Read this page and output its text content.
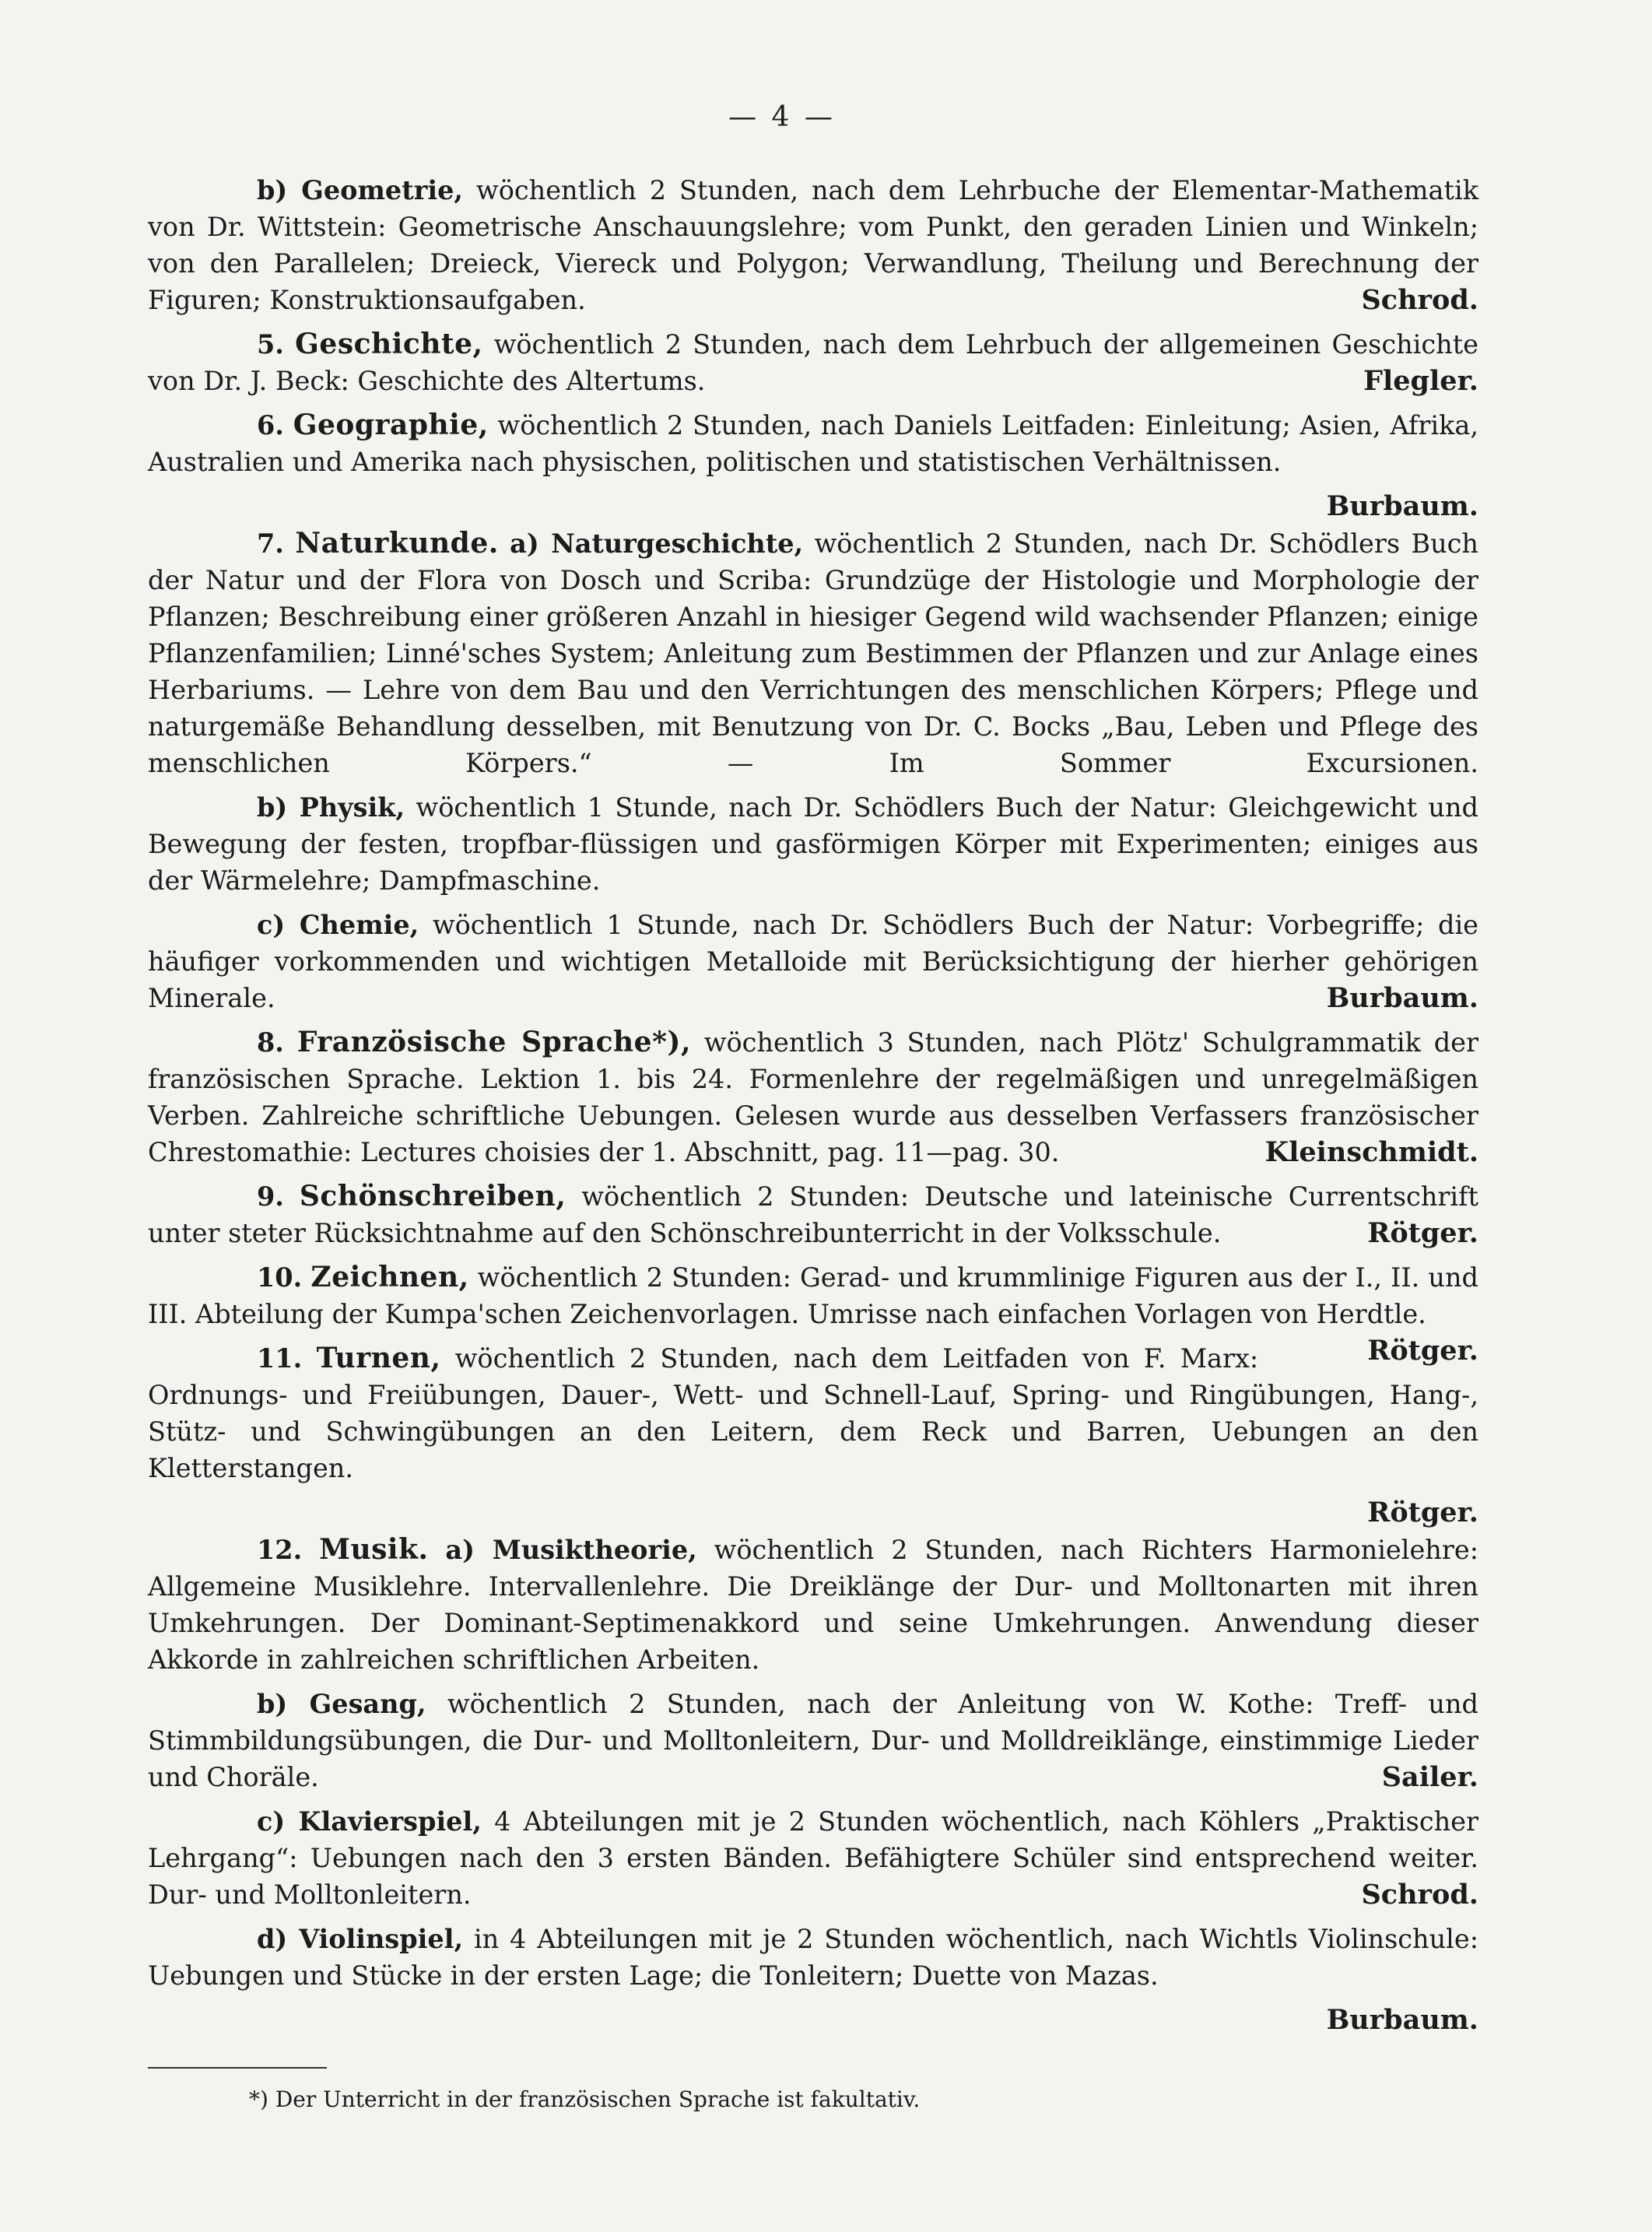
— 4 —

b) Geometrie, wöchentlich 2 Stunden, nach dem Lehrbuche der Elementar-Mathematik von Dr. Wittstein: Geometrische Anschauungslehre; vom Punkt, den geraden Linien und Winkeln; von den Parallelen; Dreieck, Viereck und Polygon; Verwandlung, Theilung und Berechnung der Figuren; Konstruktionsaufgaben.	Schrod.

5. Geschichte, wöchentlich 2 Stunden, nach dem Lehrbuch der allgemeinen Geschichte von Dr. J. Beck: Geschichte des Altertums.	Flegler.

6. Geographie, wöchentlich 2 Stunden, nach Daniels Leitfaden: Einleitung; Asien, Afrika, Australien und Amerika nach physischen, politischen und statistischen Verhältnissen.

Burbaum.

7. Naturkunde. a) Naturgeschichte, wöchentlich 2 Stunden, nach Dr. Schödlers Buch der Natur und der Flora von Dosch und Scriba: Grundzüge der Histologie und Morphologie der Pflanzen; Beschreibung einer größeren Anzahl in hiesiger Gegend wild wachsender Pflanzen; einige Pflanzenfamilien; Linné'sches System; Anleitung zum Bestimmen der Pflanzen und zur Anlage eines Herbariums. — Lehre von dem Bau und den Verrichtungen des menschlichen Körpers; Pflege und naturgemäße Behandlung desselben, mit Benutzung von Dr. C. Bocks „Bau, Leben und Pflege des menschlichen Körpers.“ — Im Sommer Excursionen.

b) Physik, wöchentlich 1 Stunde, nach Dr. Schödlers Buch der Natur: Gleichgewicht und Bewegung der festen, tropfbar-flüssigen und gasförmigen Körper mit Experimenten; einiges aus der Wärmelehre; Dampfmaschine.

c) Chemie, wöchentlich 1 Stunde, nach Dr. Schödlers Buch der Natur: Vorbegriffe; die häufiger vorkommenden und wichtigen Metalloide mit Berücksichtigung der hierher gehörigen Minerale.	Burbaum.

8. Französische Sprache*), wöchentlich 3 Stunden, nach Plötz' Schulgrammatik der französischen Sprache. Lektion 1. bis 24. Formenlehre der regelmäßigen und unregelmäßigen Verben. Zahlreiche schriftliche Uebungen. Gelesen wurde aus desselben Verfassers französischer Chrestomathie: Lectures choisies der 1. Abschnitt, pag. 11—pag. 30.	Kleinschmidt.

9. Schönschreiben, wöchentlich 2 Stunden: Deutsche und lateinische Currentschrift unter steter Rücksichtnahme auf den Schönschreibunterricht in der Volksschule.	Rötger.

10. Zeichnen, wöchentlich 2 Stunden: Gerad- und krummlinige Figuren aus der I., II. und III. Abteilung der Kumpa'schen Zeichenvorlagen. Umrisse nach einfachen Vorlagen von Herdtle.
Rötger.

11. Turnen, wöchentlich 2 Stunden, nach dem Leitfaden von F. Marx: Ordnungs- und Freiübungen, Dauer-, Wett- und Schnell-Lauf, Spring- und Ringübungen, Hang-, Stütz- und Schwingübungen an den Leitern, dem Reck und Barren, Uebungen an den Kletterstangen.

Rötger.

12. Musik. a) Musiktheorie, wöchentlich 2 Stunden, nach Richters Harmonielehre: Allgemeine Musiklehre. Intervallenlehre. Die Dreiklänge der Dur- und Molltonarten mit ihren Umkehrungen. Der Dominant-Septimenakkord und seine Umkehrungen. Anwendung dieser Akkorde in zahlreichen schriftlichen Arbeiten.

b) Gesang, wöchentlich 2 Stunden, nach der Anleitung von W. Kothe: Treff- und Stimmbildungsübungen, die Dur- und Molltonleitern, Dur- und Molldreiklänge, einstimmige Lieder und Choräle.	Sailer.

c) Klavierspiel, 4 Abteilungen mit je 2 Stunden wöchentlich, nach Köhlers „Praktischer Lehrgang“: Uebungen nach den 3 ersten Bänden. Befähigtere Schüler sind entsprechend weiter. Dur- und Molltonleitern.	Schrod.

d) Violinspiel, in 4 Abteilungen mit je 2 Stunden wöchentlich, nach Wichtls Violinschule: Uebungen und Stücke in der ersten Lage; die Tonleitern; Duette von Mazas.

Burbaum.
*) Der Unterricht in der französischen Sprache ist fakultativ.
